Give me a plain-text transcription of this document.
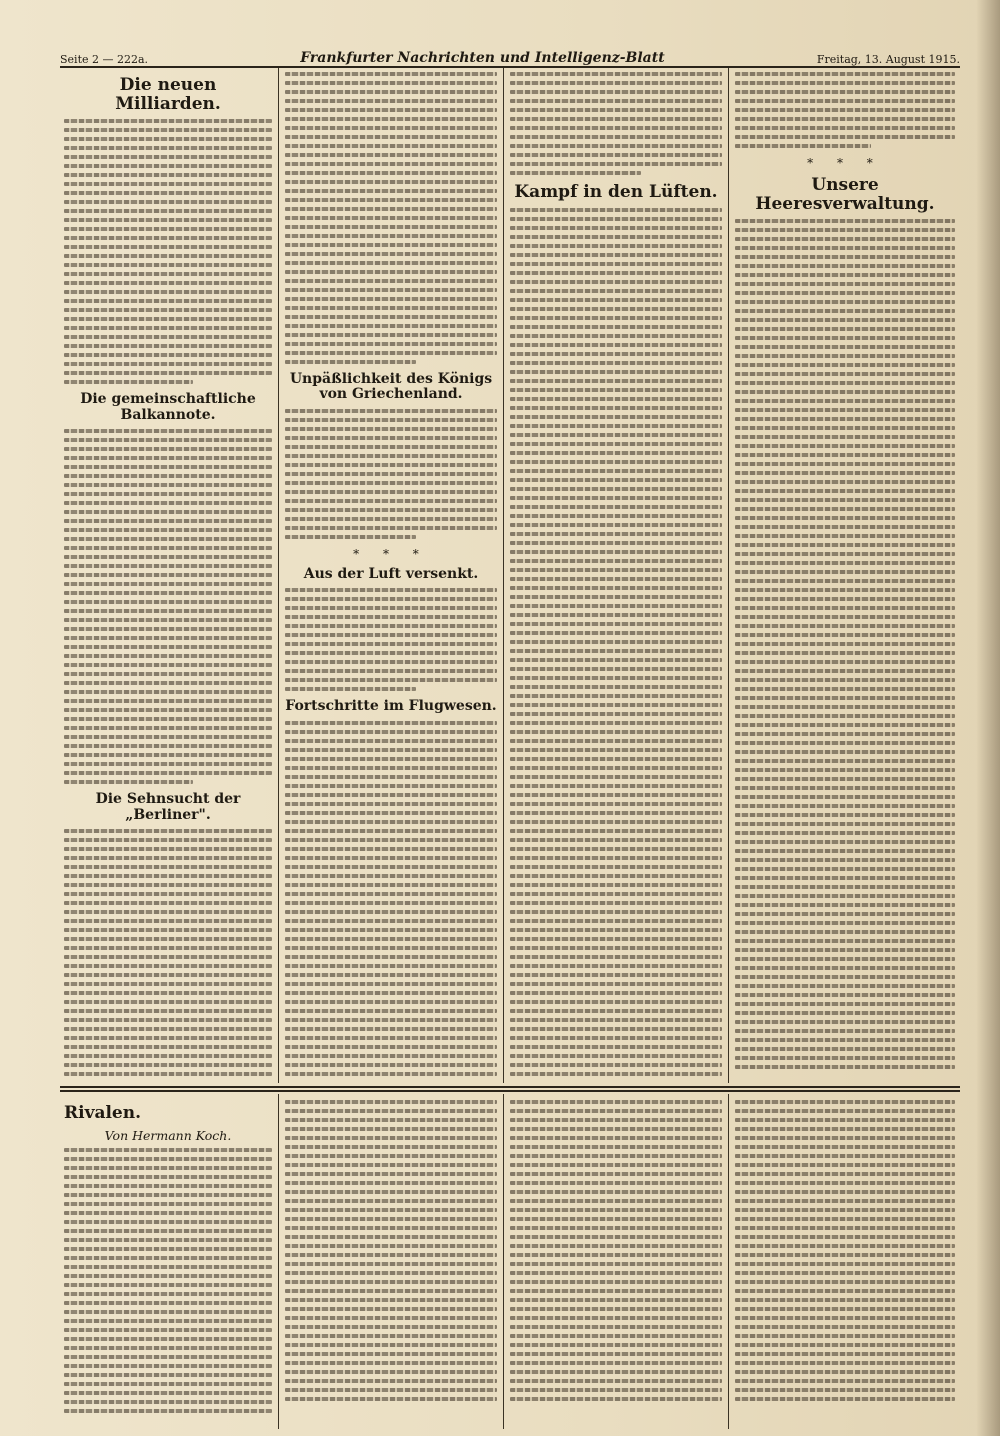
Seite 2 — 222a.	Frankfurter Nachrichten und Intelligenz-Blatt	Freitag, 13. August 1915.
Die neuen Milliarden.
Die gemeinschaftliche Balkannote.
Die Sehnsucht der „Berliner".
Unpäßlichkeit des Königs von Griechenland.
* * *
Aus der Luft versenkt.
Fortschritte im Flugwesen.
Kampf in den Lüften.
* * *
Unsere Heeresverwaltung.
Rivalen.
Von Hermann Koch.
